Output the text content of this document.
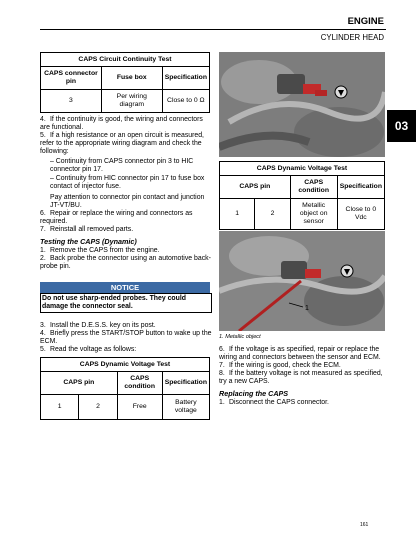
ENGINE
CYLINDER HEAD
03
CAPS Circuit Continuity Test		
CAPS connector pin	Fuse box	Specification
3	Per wiring diagram	Close to 0 Ω

4. If the continuity is good, the wiring and connectors are functional.

5. If a high resistance or an open circuit is measured, refer to the appropriate wiring diagram and check the following:

– Continuity from CAPS connector pin 3 to HIC connector pin 17.

– Continuity from HIC connector pin 17 to fuse box contact of injector fuse.

Pay attention to connector pin contact and junction JT-VT/BU.

6. Repair or replace the wiring and connectors as required.

7. Reinstall all removed parts.

Testing the CAPS (Dynamic)

1. Remove the CAPS from the engine.

2. Back probe the connector using an automotive back-probe pin.

NOTICE
Do not use sharp-ended probes. They could damage the connector seal.

3. Install the D.E.S.S. key on its post.

4. Briefly press the START/STOP button to wake up the ECM.

5. Read the voltage as follows:

CAPS Dynamic Voltage Test			
CAPS pin		CAPS condition	Specification
1	2	Free	Battery voltage
CAPS Dynamic Voltage Test			
CAPS pin		CAPS condition	Specification
1	2	Metallic object on sensor	Close to 0 Vdc
1
1. Metallic object

6. If the voltage is as specified, repair or replace the wiring and connectors between the sensor and ECM.

7. If the wiring is good, check the ECM.

8. If the battery voltage is not measured as specified, try a new CAPS.

Replacing the CAPS

1. Disconnect the CAPS connector.

161
